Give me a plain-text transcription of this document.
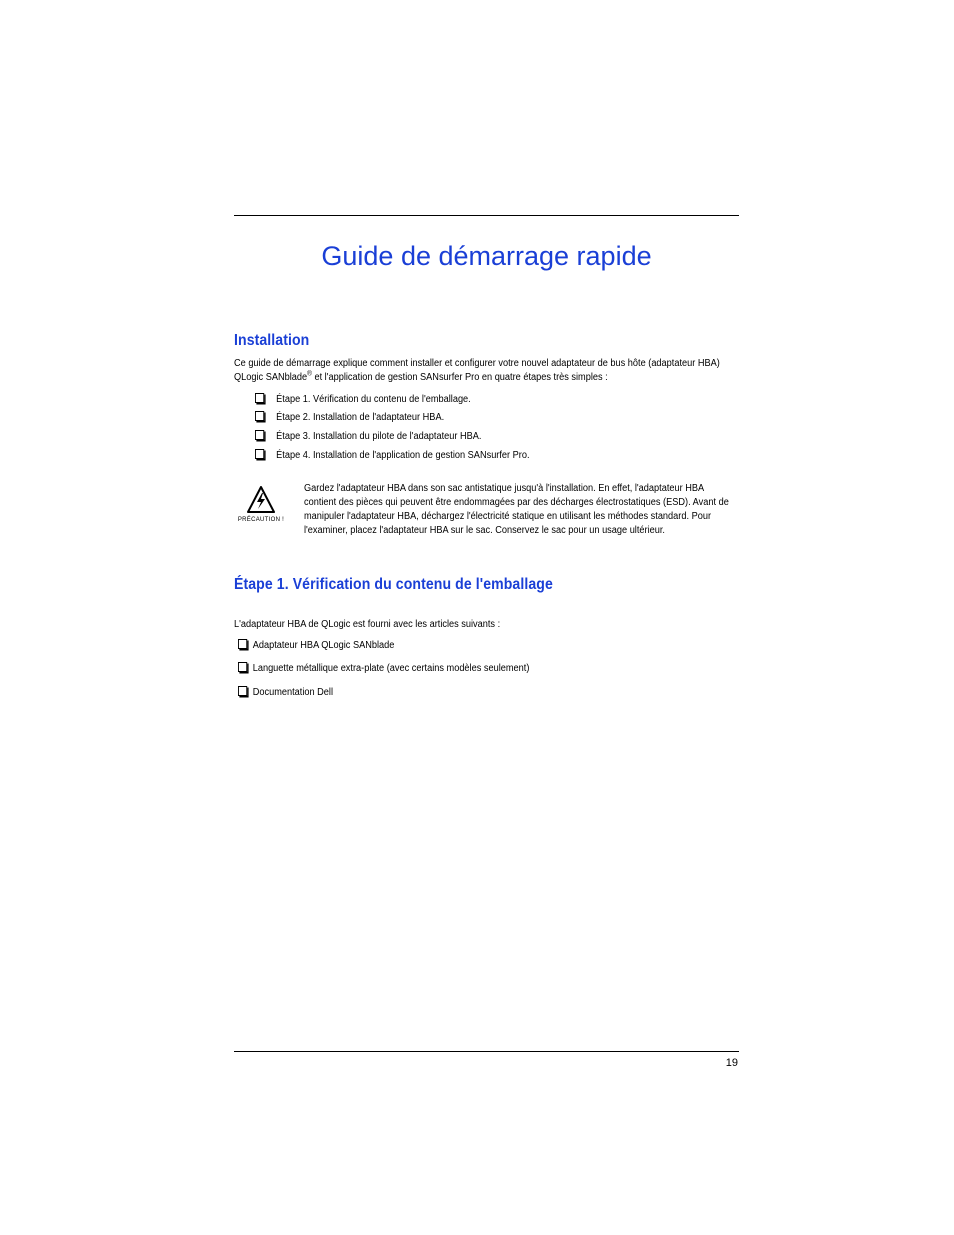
Guide de démarrage rapide
Installation
Ce guide de démarrage explique comment installer et configurer votre nouvel adaptateur de bus hôte (adaptateur HBA)
QLogic SANblade® et l'application de gestion SANsurfer Pro en quatre étapes très simples :
Étape 1. Vérification du contenu de l'emballage.
Étape 2. Installation de l'adaptateur HBA.
Étape 3. Installation du pilote de l'adaptateur HBA.
Étape 4. Installation de l'application de gestion SANsurfer Pro.
PRÉCAUTION !
Gardez l'adaptateur HBA dans son sac antistatique jusqu'à l'installation. En effet, l'adaptateur HBA contient des pièces qui peuvent être endommagées par des décharges électrostatiques (ESD). Avant de manipuler l'adaptateur HBA, déchargez l'électricité statique en utilisant les méthodes standard. Pour l'examiner, placez l'adaptateur HBA sur le sac. Conservez le sac pour un usage ultérieur.
Étape 1. Vérification du contenu de l'emballage
L'adaptateur HBA de QLogic est fourni avec les articles suivants :
Adaptateur HBA QLogic SANblade
Languette métallique extra-plate (avec certains modèles seulement)
Documentation Dell
19
